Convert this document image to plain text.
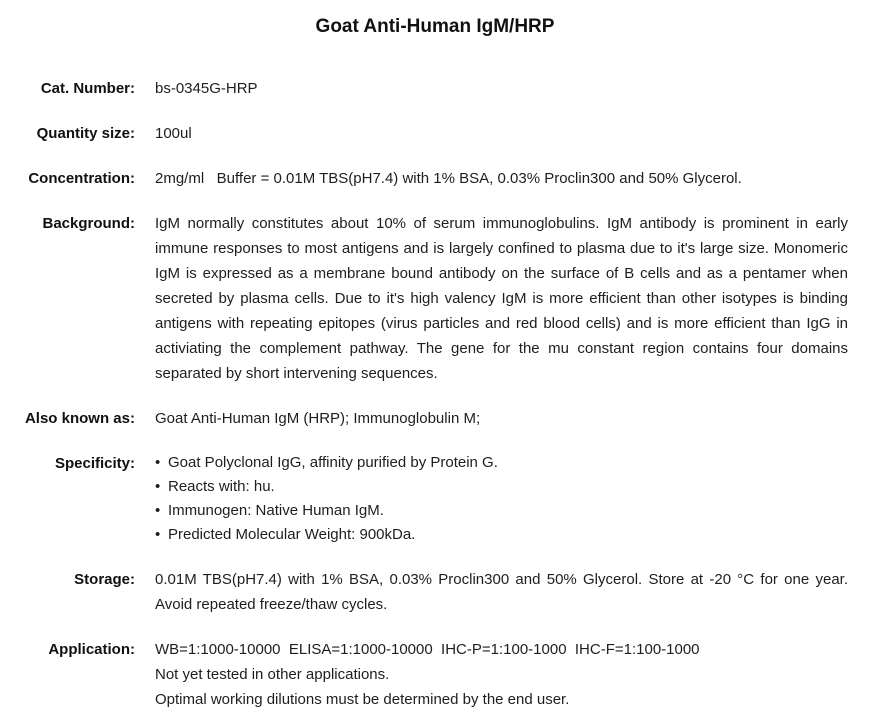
Goat Anti-Human IgM/HRP
Cat. Number: bs-0345G-HRP
Quantity size: 100ul
Concentration: 2mg/ml   Buffer = 0.01M TBS(pH7.4) with 1% BSA, 0.03% Proclin300 and 50% Glycerol.
Background: IgM normally constitutes about 10% of serum immunoglobulins. IgM antibody is prominent in early immune responses to most antigens and is largely confined to plasma due to it's large size. Monomeric IgM is expressed as a membrane bound antibody on the surface of B cells and as a pentamer when secreted by plasma cells. Due to it's high valency IgM is more efficient than other isotypes is binding antigens with repeating epitopes (virus particles and red blood cells) and is more efficient than IgG in activiating the complement pathway. The gene for the mu constant region contains four domains separated by short intervening sequences.
Also known as: Goat Anti-Human IgM (HRP); Immunoglobulin M;
Specificity:	• Goat Polyclonal IgG, affinity purified by Protein G.
• Reacts with: hu.
• Immunogen: Native Human IgM.
• Predicted Molecular Weight: 900kDa.
Storage: 0.01M TBS(pH7.4) with 1% BSA, 0.03% Proclin300 and 50% Glycerol. Store at -20 °C for one year. Avoid repeated freeze/thaw cycles.
Application: WB=1:1000-10000  ELISA=1:1000-10000  IHC-P=1:100-1000  IHC-F=1:100-1000
Not yet tested in other applications.
Optimal working dilutions must be determined by the end user.
